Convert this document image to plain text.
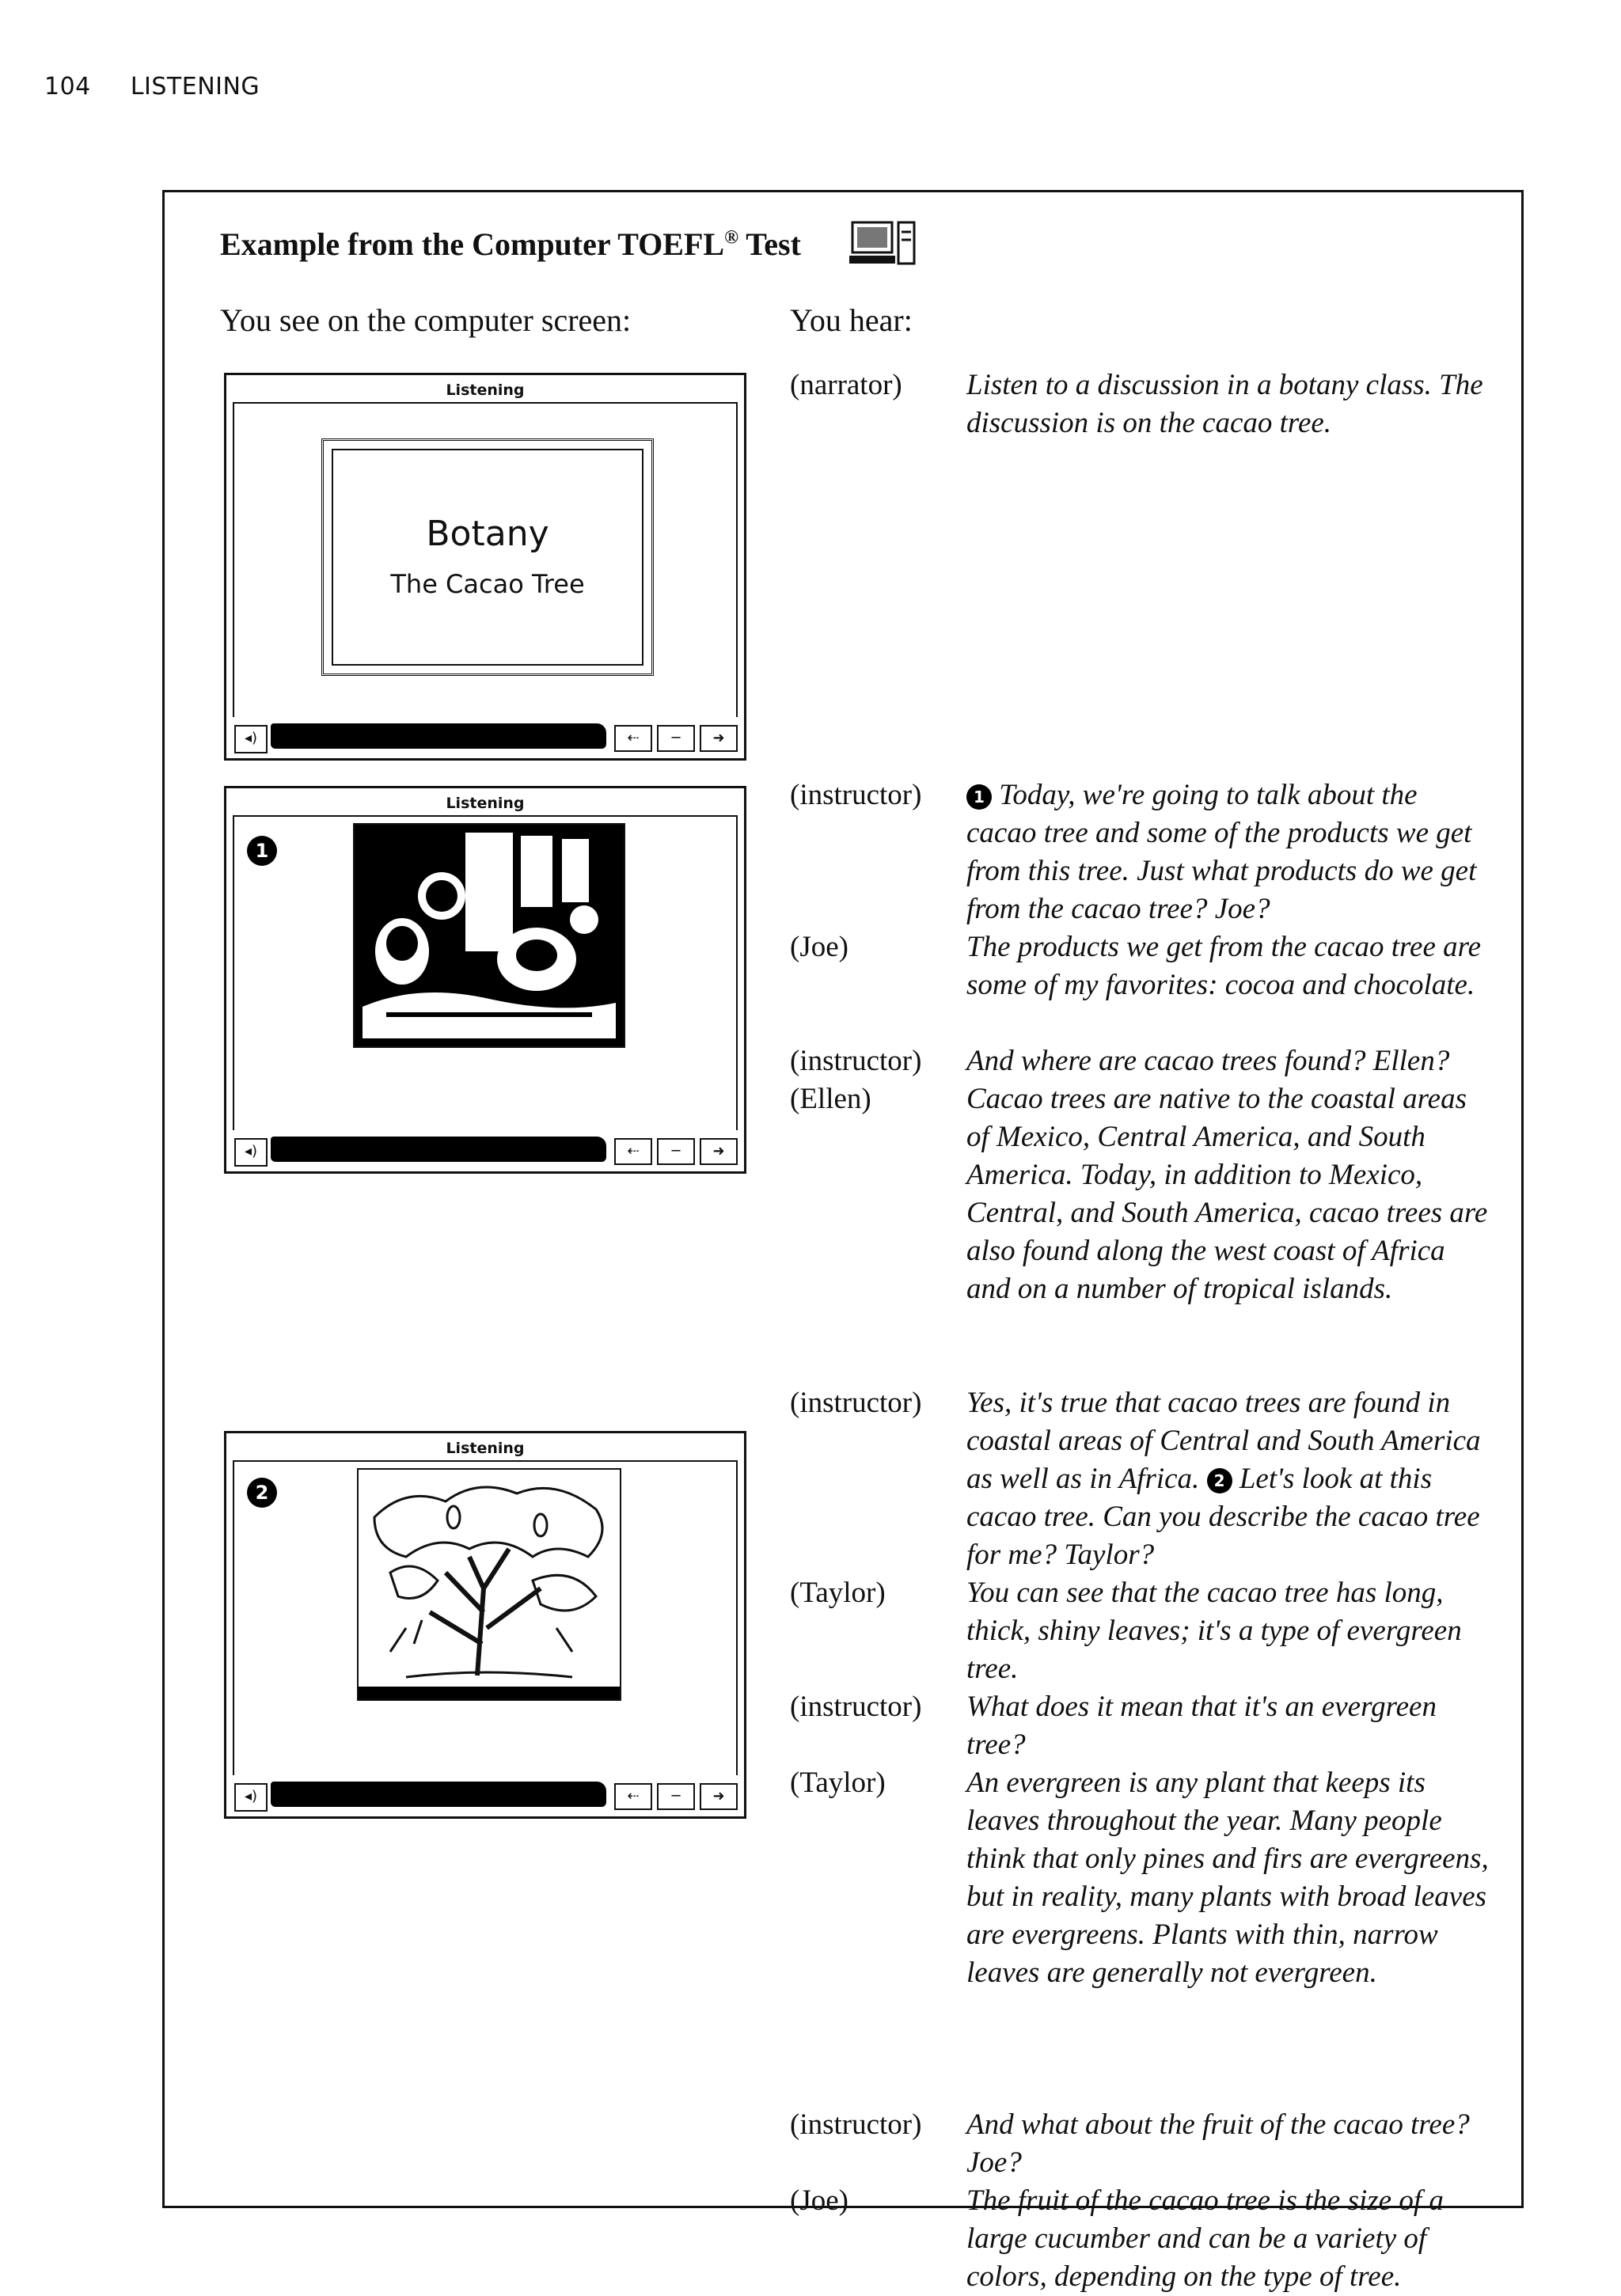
104 LISTENING
Example from the Computer TOEFL® Test
You see on the computer screen:	You hear:
Listening
Botany
The Cacao Tree
◂)	⇠	─	➜
Listening
1
◂)	⇠	─	➜
Listening
2
◂)	⇠	─	➜
(narrator) Listen to a discussion in a botany class. The discussion is on the cacao tree.
(instructor)	1 Today, we're going to talk about the cacao tree and some of the products we get from this tree. Just what products do we get from the cacao tree? Joe?
(Joe)	The products we get from the cacao tree are some of my favorites: cocoa and chocolate.
(instructor) And where are cacao trees found? Ellen?
(Ellen)	Cacao trees are native to the coastal areas of Mexico, Central America, and South America. Today, in addition to Mexico, Central, and South America, cacao trees are also found along the west coast of Africa and on a number of tropical islands.
(instructor) Yes, it's true that cacao trees are found in coastal areas of Central and South America as well as in Africa. 2 Let's look at this cacao tree. Can you describe the cacao tree for me? Taylor?
(Taylor)	You can see that the cacao tree has long, thick, shiny leaves; it's a type of evergreen tree.
(instructor) What does it mean that it's an evergreen tree?
(Taylor)	An evergreen is any plant that keeps its leaves throughout the year. Many people think that only pines and firs are evergreens, but in reality, many plants with broad leaves are evergreens. Plants with thin, narrow leaves are generally not evergreen.
(instructor) And what about the fruit of the cacao tree? Joe?
(Joe)	The fruit of the cacao tree is the size of a large cucumber and can be a variety of colors, depending on the type of tree.
